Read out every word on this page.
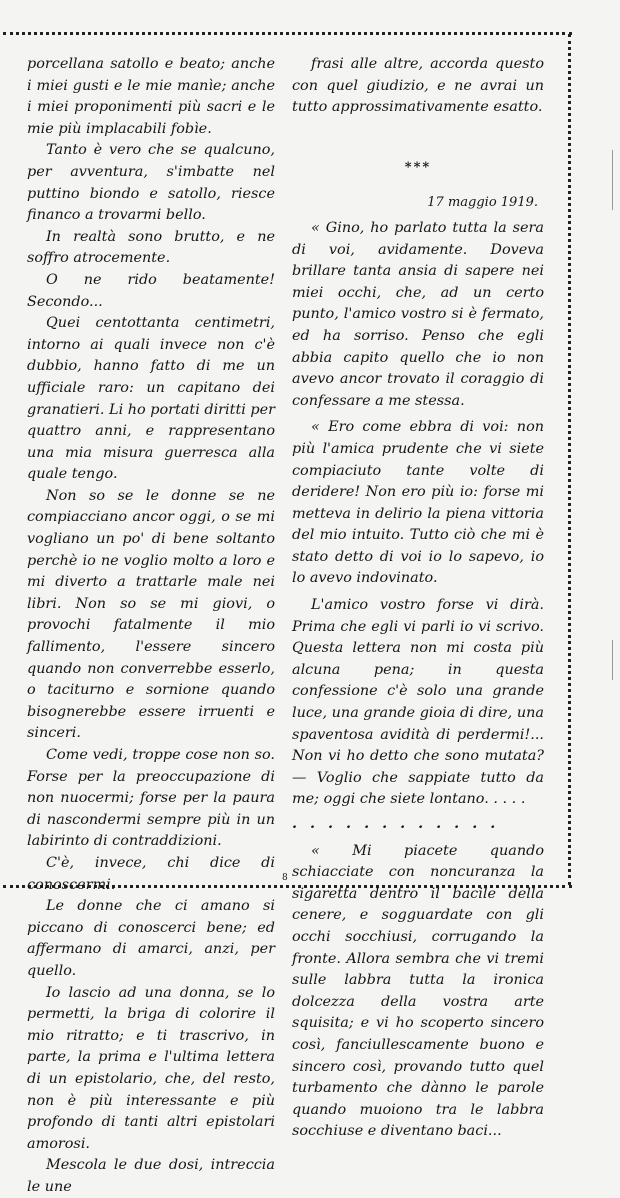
porcellana satollo e beato; anche i miei gusti e le mie manìe; anche i miei proponimenti più sacri e le mie più implacabili fobìe.

Tanto è vero che se qualcuno, per avventura, s'imbatte nel puttino biondo e satollo, riesce financo a trovarmi bello.

In realtà sono brutto, e ne soffro atrocemente.

O ne rido beatamente! Secondo...

Quei centottanta centimetri, intorno ai quali invece non c'è dubbio, hanno fatto di me un ufficiale raro: un capitano dei granatieri. Li ho portati diritti per quattro anni, e rappresentano una mia misura guerresca alla quale tengo.

Non so se le donne se ne compiacciano ancor oggi, o se mi vogliano un po' di bene soltanto perchè io ne voglio molto a loro e mi diverto a trattarle male nei libri. Non so se mi giovi, o provochi fatalmente il mio fallimento, l'essere sincero quando non converrebbe esserlo, o taciturno e sornione quando bisognerebbe essere irruenti e sinceri.

Come vedi, troppe cose non so. Forse per la preoccupazione di non nuocermi; forse per la paura di nascondermi sempre più in un labirinto di contraddizioni.

C'è, invece, chi dice di conoscermi.

Le donne che ci amano si piccano di conoscerci bene; ed affermano di amarci, anzi, per quello.

Io lascio ad una donna, se lo permetti, la briga di colorire il mio ritratto; e ti trascrivo, in parte, la prima e l'ultima lettera di un epistolario, che, del resto, non è più interessante e più profondo di tanti altri epistolari amorosi.

Mescola le due dosi, intreccia le une

frasi alle altre, accorda questo con quel giudizio, e ne avrai un tutto approssimativamente esatto.

***
17 maggio 1919.

« Gino, ho parlato tutta la sera di voi, avidamente. Doveva brillare tanta ansia di sapere nei miei occhi, che, ad un certo punto, l'amico vostro si è fermato, ed ha sorriso. Penso che egli abbia capito quello che io non avevo ancor trovato il coraggio di confessare a me stessa.

« Ero come ebbra di voi: non più l'amica prudente che vi siete compiaciuto tante volte di deridere! Non ero più io: forse mi metteva in delirio la piena vittoria del mio intuito. Tutto ciò che mi è stato detto di voi io lo sapevo, io lo avevo indovinato.

L'amico vostro forse vi dirà. Prima che egli vi parli io vi scrivo. Questa lettera non mi costa più alcuna pena; in questa confessione c'è solo una grande luce, una grande gioia di dire, una spaventosa avidità di perdermi!... Non vi ho detto che sono mutata? — Voglio che sappiate tutto da me; oggi che siete lontano. . . . .

. . . . . . . . . . . .

« Mi piacete quando schiacciate con noncuranza la sigaretta dentro il bacile della cenere, e sogguardate con gli occhi socchiusi, corrugando la fronte. Allora sembra che vi tremi sulle labbra tutta la ironica dolcezza della vostra arte squisita; e vi ho scoperto sincero così, fanciullescamente buono e sincero così, provando tutto quel turbamento che dànno le parole quando muoiono tra le labbra socchiuse e diventano baci...

8
